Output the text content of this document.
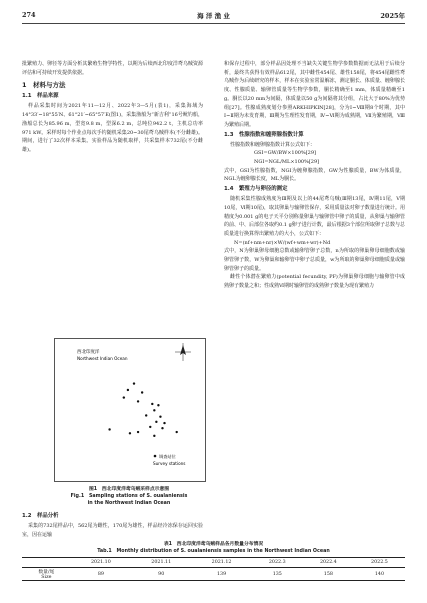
274	海 洋 渔 业	2025年

批繁殖力、卵径等方面分析其繁殖生物学特性，以期为后续西北印度洋鸢乌贼资源评估和可持续开发提供依据。

1　材料与方法
1.1　样品来源

样品采集时间为2021年11—12月、2022年3—5月(表1)，采集海域为14°33′~18°55′N、61°21′~65°57′E(图1)，采集渔船为“新吉利”16号鱿钓船，渔船总长为85.96 m，型宽9.8 m，型深6.2 m，总吨位942.2 t，主机总功率971 kW。采样时每个作业点每次手钓随机采集20~30尾鸢乌贼样本(不分雌雄)。期间，进行了32次样本采集。实验样品为随机取样，共采集样本732尾(不分雌雄)。

西北印度洋
Northwest Indian Ocean
调查站位
Survey stations
图1　西北印度洋鸢乌贼采样点示意图
Fig.1　Sampling stations of S. oualaniensis
in the Northwest Indian Ocean
1.2　样品分析

采集的732尾样品中，562尾为雌性，170尾为雄性，样品经冷冻保存运回实验室，因在运输

和保存过程中，部分样品因处理不当缺失关键生物学参数数据而无法用于后续分析，最终共获得有效样品612尾，其中雌性454尾、雄性158尾，将454尾雌性鸢乌贼作为后续研究的样本，样本在实验室常温解冻，测定胴长、体质量、缠卵腺长度、性腺质量、输卵管质量等生物学参数，胴长精确至1 mm，体质量精确至1 g。胴长以20 mm为间隔，体质量以50 g为间隔将其分组，占比大于80%为优势组[27]。性腺成熟度划分参照ARKHIPKIN[28]，分为Ⅰ~Ⅷ期8个时期，其中Ⅰ~Ⅱ期为未发育期，Ⅲ期为生理性发育期，Ⅳ~Ⅵ期为成熟期，Ⅶ为繁殖期，Ⅷ为繁殖后期。

1.3　性腺指数和缠卵腺指数计算

性腺指数和缠卵腺指数计算公式如下：

GSI=GW/BW×100%[29]

NGI=NGL/ML×100%[29]

式中，GSI为性腺指数，NGI为缠卵腺指数，GW为性腺质量，BW为体质量，NGL为缠卵腺长度，ML为胴长。

1.4　繁殖力与卵径的测定

随机采集性腺成熟度为Ⅲ期及以上的44尾鸢乌贼(Ⅲ期13尾，Ⅳ期11尾，Ⅴ期10尾，Ⅵ期10尾)，取其卵巢与输卵管保存，采用质量法对卵子数量进行统计。用精度为0.001 g的电子天平分别称量卵巢与输卵管中卵子的质量，从卵巢与输卵管的前、中、后部位各取约0.1 g卵子进行计数，最后根据3个部位所取卵子总数与总质量进行换算得出繁殖力的大小，公式如下：

N=(nf+nm+nr)×W/(wf+wm+wr)+Nd

式中，N为卵巢卵母细胞总数或输卵管卵子总数，n为所取的卵巢卵母细胞数或输卵管卵子数，W为卵巢和输卵管中卵子总质量，w为所取的卵巢卵母细胞质量或输卵管卵子的质量。

雌性个体潜在繁殖力(potential fecundity, PF)为卵巢卵母细胞与输卵管中成熟卵子数量之和；性成熟Ⅵ期时输卵管的成熟卵子数量为现有繁殖力

表1　西北印度洋鸢乌贼样品各月数量分布情况
Tab.1　Monthly distribution of S. oualaniensis samples in the Northwest Indian Ocean
	2021.10	2021.11	2021.12	2022.3	2022.4	2022.5

数量/尾
Size	89	90	139	135	158	140
